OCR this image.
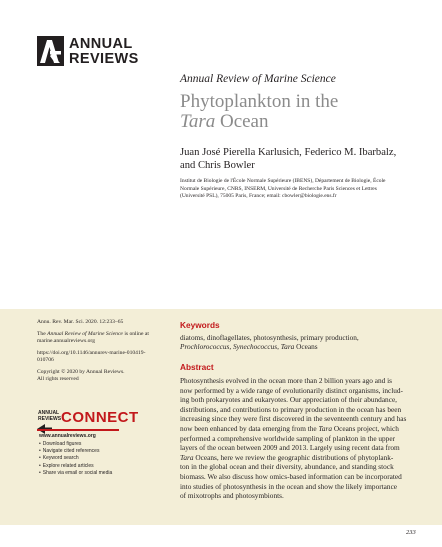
ANNUAL
REVIEWS
Annual Review of Marine Science
Phytoplankton in the
Tara Ocean
Juan José Pierella Karlusich, Federico M. Ibarbalz,
and Chris Bowler
Institut de Biologie de l'École Normale Supérieure (IBENS), Département de Biologie, École
Normale Supérieure, CNRS, INSERM, Université de Recherche Paris Sciences et Lettres
(Université PSL), 75005 Paris, France; email: cbowler@biologie.ens.fr
Annu. Rev. Mar. Sci. 2020. 12:233–65
The Annual Review of Marine Science is online at
marine.annualreviews.org
https://doi.org/10.1146/annurev-marine-010419-
010706
Copyright © 2020 by Annual Reviews.
All rights reserved
ANNUAL
REVIEWS CONNECT
www.annualreviews.org
• Download figures
• Navigate cited references
• Keyword search
• Explore related articles
• Share via email or social media
Keywords
diatoms, dinoflagellates, photosynthesis, primary production,
Prochlorococcus, Synechococcus, Tara Oceans
Abstract
Photosynthesis evolved in the ocean more than 2 billion years ago and is
now performed by a wide range of evolutionarily distinct organisms, includ-
ing both prokaryotes and eukaryotes. Our appreciation of their abundance,
distributions, and contributions to primary production in the ocean has been
increasing since they were first discovered in the seventeenth century and has
now been enhanced by data emerging from the Tara Oceans project, which
performed a comprehensive worldwide sampling of plankton in the upper
layers of the ocean between 2009 and 2013. Largely using recent data from
Tara Oceans, here we review the geographic distributions of phytoplank-
ton in the global ocean and their diversity, abundance, and standing stock
biomass. We also discuss how omics-based information can be incorporated
into studies of photosynthesis in the ocean and show the likely importance
of mixotrophs and photosymbionts.
233
